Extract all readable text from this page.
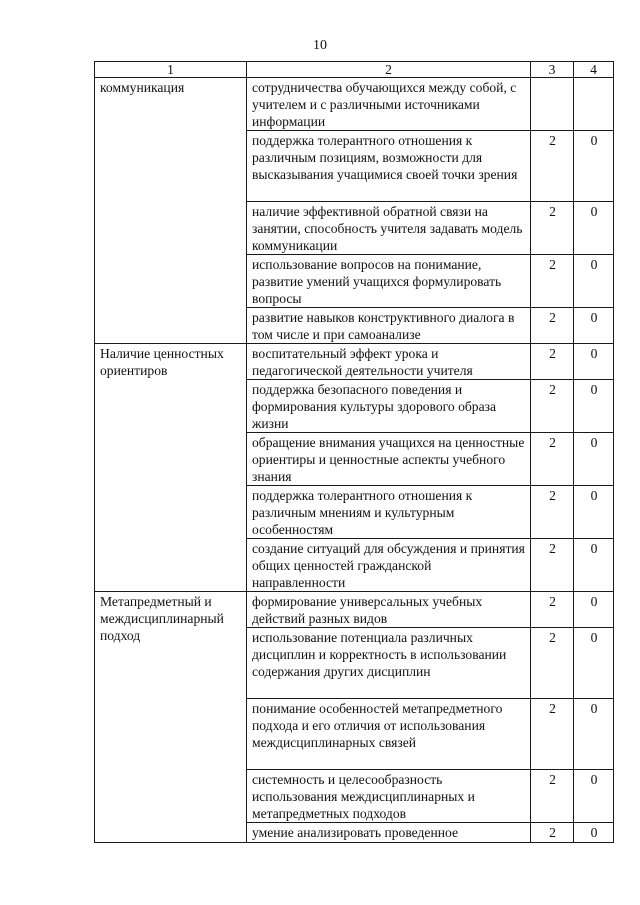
10
1	2	3	4
коммуникация	сотрудничества обучающихся между собой, с учителем и с различными источниками информации		
	поддержка толерантного отношения к различным позициям, возможности для высказывания учащимися своей точки зрения	2	0
	наличие эффективной обратной связи на занятии, способность учителя задавать модель коммуникации	2	0
	использование вопросов на понимание, развитие умений учащихся формулировать вопросы	2	0
	развитие навыков конструктивного диалога в том числе и при самоанализе	2	0
Наличие ценностных ориентиров	воспитательный эффект урока и педагогической деятельности учителя	2	0
	поддержка безопасного поведения и формирования культуры здорового образа жизни	2	0
	обращение внимания учащихся на ценностные ориентиры и ценностные аспекты учебного знания	2	0
	поддержка толерантного отношения к различным мнениям и культурным особенностям	2	0
	создание ситуаций для обсуждения и принятия общих ценностей гражданской направленности	2	0
Метапредметный и междисциплинарный подход	формирование универсальных учебных действий разных видов	2	0
	использование потенциала различных дисциплин и корректность в использовании содержания других дисциплин	2	0
	понимание особенностей метапредметного подхода и его отличия от использования междисциплинарных связей	2	0
	системность и целесообразность использования междисциплинарных и метапредметных подходов	2	0
	умение анализировать проведенное	2	0
